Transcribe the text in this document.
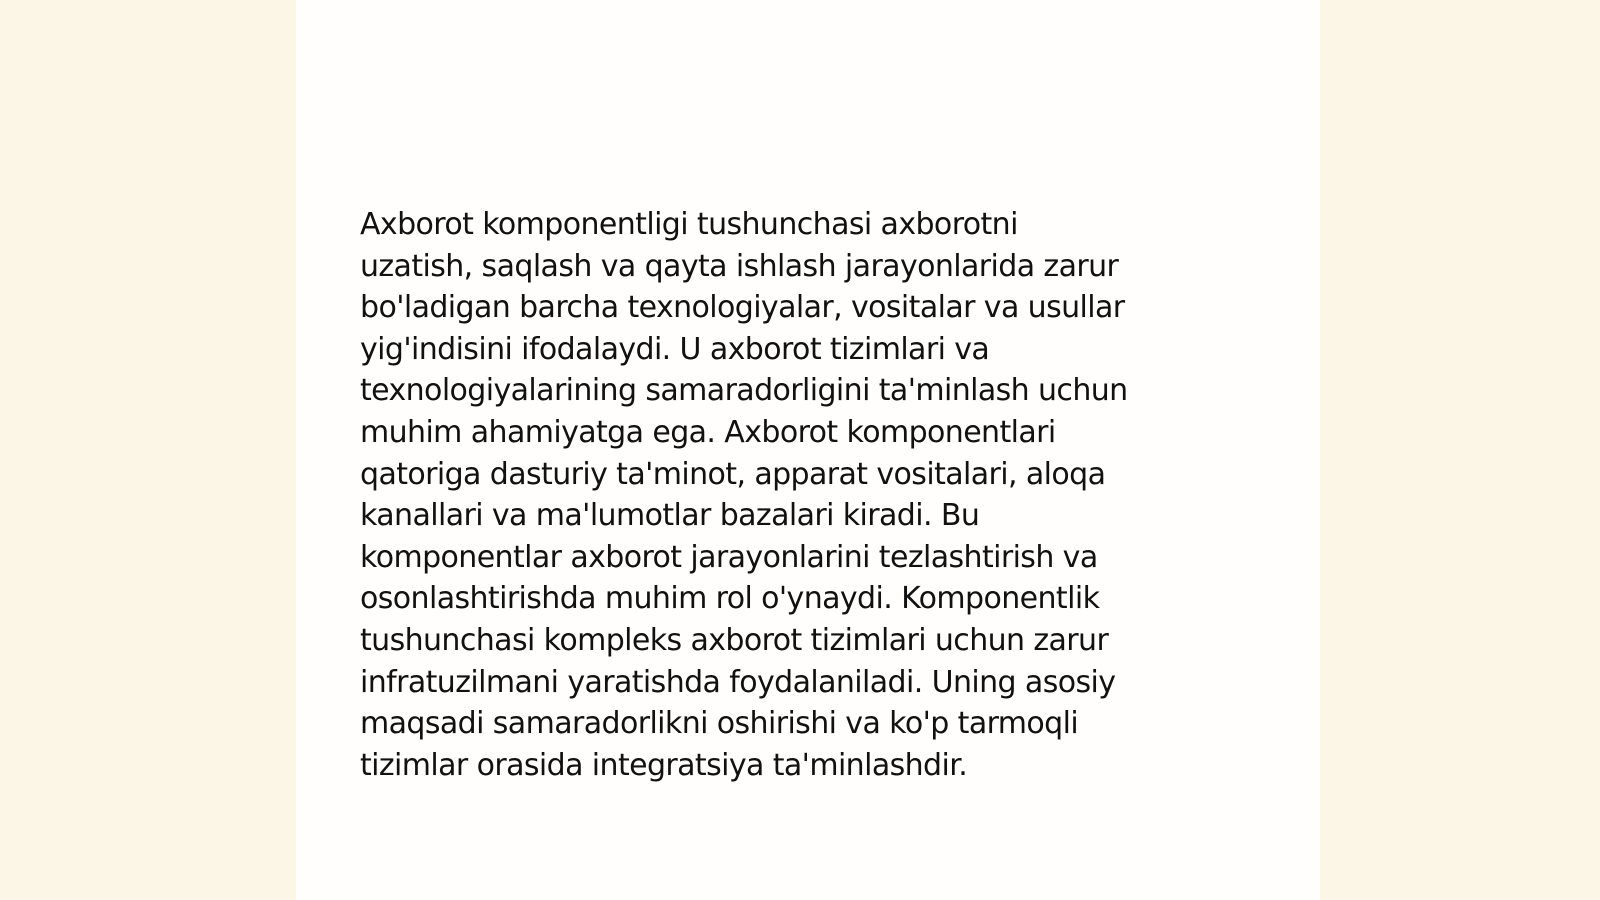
Axborot komponentligi tushunchasi axborotni
uzatish, saqlash va qayta ishlash jarayonlarida zarur
bo'ladigan barcha texnologiyalar, vositalar va usullar
yig'indisini ifodalaydi. U axborot tizimlari va
texnologiyalarining samaradorligini ta'minlash uchun
muhim ahamiyatga ega. Axborot komponentlari
qatoriga dasturiy ta'minot, apparat vositalari, aloqa
kanallari va ma'lumotlar bazalari kiradi. Bu
komponentlar axborot jarayonlarini tezlashtirish va
osonlashtirishda muhim rol o'ynaydi. Komponentlik
tushunchasi kompleks axborot tizimlari uchun zarur
infratuzilmani yaratishda foydalaniladi. Uning asosiy
maqsadi samaradorlikni oshirishi va ko'p tarmoqli
tizimlar orasida integratsiya ta'minlashdir.
